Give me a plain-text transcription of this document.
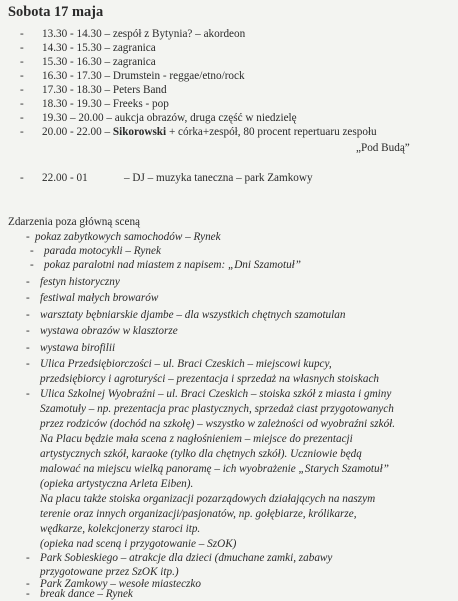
Sobota 17 maja
- 13.30 - 14.30 – zespół z Bytynia? – akordeon
- 14.30 - 15.30 – zagranica
- 15.30 - 16.30 – zagranica
- 16.30 - 17.30 – Drumstein - reggae/etno/rock
- 17.30 - 18.30 – Peters Band
- 18.30 - 19.30 – Freeks - pop
- 19.30 – 20.00 – aukcja obrazów, druga część w niedzielę
- 20.00 - 22.00 – Sikorowski + córka+zespół, 80 procent repertuaru zespołu
„Pod Budą”
- 22.00 - 01	– DJ – muzyka taneczna – park Zamkowy
Zdarzenia poza główną sceną
- pokaz zabytkowych samochodów – Rynek
- parada motocykli – Rynek
- pokaz paralotni nad miastem z napisem: „Dni Szamotuł”
- festyn historyczny
- festiwal małych browarów
- warsztaty bębniarskie djambe – dla wszystkich chętnych szamotulan
- wystawa obrazów w klasztorze
- wystawa birofilii
- Ulica Przedsiębiorczości – ul. Braci Czeskich – miejscowi kupcy,
przedsiębiorcy i agroturyści – prezentacja i sprzedaż na własnych stoiskach
- Ulica Szkolnej Wyobraźni – ul. Braci Czeskich – stoiska szkół z miasta i gminy
Szamotuły – np. prezentacja prac plastycznych, sprzedaż ciast przygotowanych
przez rodziców (dochód na szkołę) – wszystko w zależności od wyobraźni szkół.
Na Placu będzie mała scena z nagłośnieniem – miejsce do prezentacji
artystycznych szkół, karaoke (tylko dla chętnych szkół). Uczniowie będą
malować na miejscu wielką panoramę – ich wyobrażenie „Starych Szamotuł”
(opieka artystyczna Arleta Eiben).
Na placu także stoiska organizacji pozarządowych działających na naszym
terenie oraz innych organizacji/pasjonatów, np. gołębiarze, królikarze,
wędkarze, kolekcjonerzy staroci itp.
(opieka nad sceną i przygotowanie – SzOK)
- Park Sobieskiego – atrakcje dla dzieci (dmuchane zamki, zabawy
przygotowane przez SzOK itp.)
- Park Zamkowy – wesołe miasteczko
- break dance – Rynek
